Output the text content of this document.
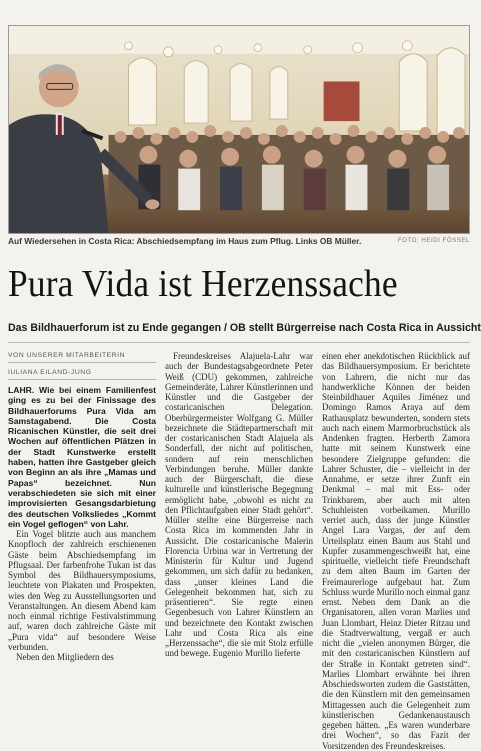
Auf Wiedersehen in Costa Rica: Abschiedsempfang im Haus zum Pflug. Links OB Müller.	FOTO: HEIDI FÖSSEL
Pura Vida ist Herzenssache
Das Bildhauerforum ist zu Ende gegangen / OB stellt Bürgerreise nach Costa Rica in Aussicht
VON UNSERER MITARBEITERIN
IULIANA EILAND-JUNG

LAHR. Wie bei einem Familienfest ging es zu bei der Finissage des Bildhauerforums Pura Vida am Samstagabend. Die Costa Ricanischen Künstler, die seit drei Wochen auf öffentlichen Plätzen in der Stadt Kunstwerke erstellt haben, hatten ihre Gastgeber gleich von Beginn an als ihre „Mamas und Papas“ bezeichnet. Nun verabschiedeten sie sich mit einer improvisierten Gesangsdarbietung des deutschen Volksliedes „Kommt ein Vogel geflogen“ von Lahr.

Ein Vogel blitzte auch aus manchem Knopfloch der zahlreich erschienenen Gäste beim Abschiedsempfang im Pflugsaal. Der farbenfrohe Tukan ist das Symbol des Bildhauersymposiums, leuchtete von Plakaten und Prospekten, wies den Weg zu Ausstellungsorten und Veranstaltungen. An diesem Abend kam noch einmal richtige Festivalstimmung auf, waren doch zahlreiche Gäste mit „Pura vida“ auf besondere Weise verbunden.

Neben den Mitgliedern des

Freundeskreises Alajuela-Lahr war auch der Bundestagsabgeordnete Peter Weiß (CDU) gekommen, zahlreiche Gemeinderäte, Lahrer Künstlerinnen und Künstler und die Gastgeber der costaricanischen Delegation. Oberbürgermeister Wolfgang G. Müller bezeichnete die Städtepartnerschaft mit der costaricanischen Stadt Alajuela als Sonderfall, der nicht auf politischen, sondern auf rein menschlichen Verbindungen beruhe. Müller dankte auch der Bürgerschaft, die diese kulturelle und künstlerische Begegnung ermöglicht habe, „obwohl es nicht zu den Pflichtaufgaben einer Stadt gehört“. Müller stellte eine Bürgerreise nach Costa Rica im kommenden Jahr in Aussicht. Die costaricanische Malerin Florencia Urbina war in Vertretung der Ministerin für Kultur und Jugend gekommen, um sich dafür zu bedanken, dass „unser kleines Land die Gelegenheit bekommen hat, sich zu präsentieren“. Sie regte einen Gegenbesuch von Lahrer Künstlern an und bezeichnete den Kontakt zwischen Lahr und Costa Rica als eine „Herzenssache“, die sie mit Stolz erfülle und bewege. Eugenio Murillo lieferte

einen eher anekdotischen Rückblick auf das Bildhauersymposium. Er berichtete von Lahrern, die nicht nur das handwerkliche Können der beiden Steinbildhauer Aquiles Jiménez und Domingo Ramos Araya auf dem Rathausplatz bewunderten, sondern stets auch nach einem Marmorbruchstück als Andenken fragten. Herberth Zamora hatte mit seinem Kunstwerk eine besondere Zielgruppe gefunden: die Lahrer Schuster, die – vielleicht in der Annahme, er setze ihrer Zunft ein Denkmal – mal mit Ess- oder Trinkbarem, aber auch mit alten Schuhleisten vorbeikamen. Murillo verriet auch, dass der junge Künstler Angel Lara Vargas, der auf dem Urteilsplatz einen Baum aus Stahl und Kupfer zusammengeschweißt hat, eine spirituelle, vielleicht tiefe Freundschaft zu dem alten Baum im Garten der Freimaurerloge aufgebaut hat. Zum Schluss wurde Murillo noch einmal ganz ernst. Neben dem Dank an die Organisatoren, allen voran Marlies und Juan Llombart, Heinz Dieter Ritzau und die Stadtverwaltung, vergaß er auch nicht die „vielen anonymen Bürger, die mit den costaricanischen Künstlern auf der Straße in Kontakt getreten sind“. Marlies Llombart erwähnte bei ihren Abschiedsworten zudem die Gaststätten, die den Künstlern mit den gemeinsamen Mittagessen auch die Gelegenheit zum künstlerischen Gedankenaustausch gegeben hätten. „Es waren wunderbare drei Wochen“, so das Fazit der Vorsitzenden des Freundeskreises.
